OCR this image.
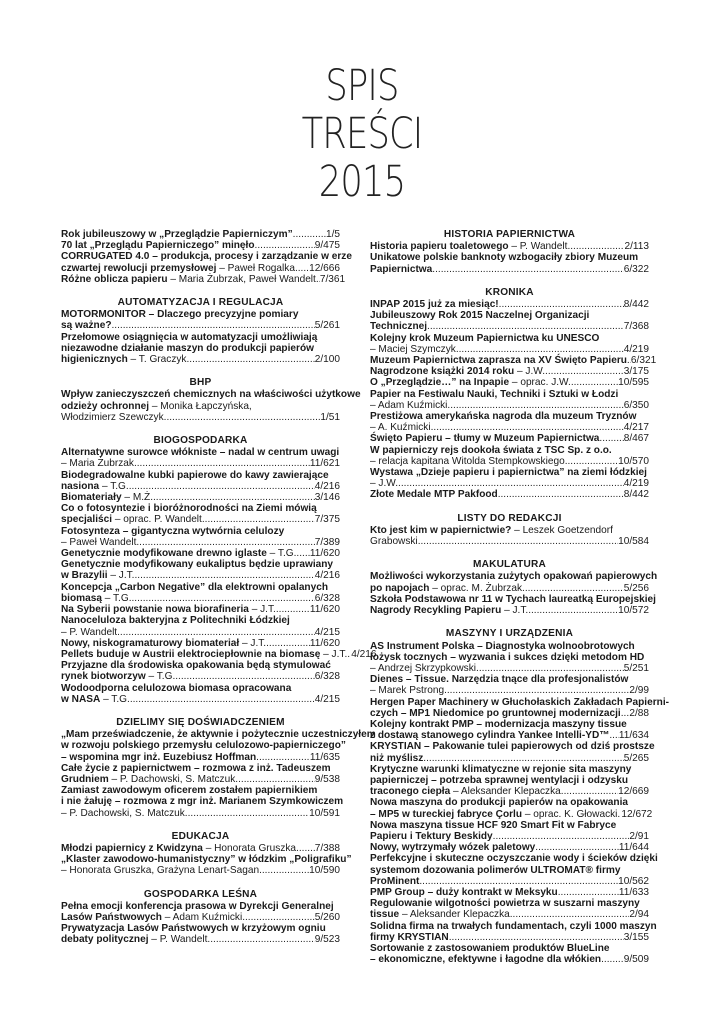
SPIS
TREŚCI
2015
Rok jubileuszowy w „Przeglądzie Papierniczym” .....	1/5
70 lat „Przeglądu Papierniczego” minęło .....	9/475
CORRUGATED 4.0 – produkcja, procesy i zarządzanie w erze
czwartej rewolucji przemysłowej – Paweł Rogalka ..... 12/666
Różne oblicza papieru – Maria Żubrzak, Paweł Wandelt ..... 7/361
AUTOMATYZACJA I REGULACJA
MOTORMONITOR – Dlaczego precyzyjne pomiary
są ważne? .....	5/261
Przełomowe osiągnięcia w automatyzacji umożliwiają
niezawodne działanie maszyn do produkcji papierów
higienicznych – T. Graczyk .....	2/100
BHP
Wpływ zanieczyszczeń chemicznych na właściwości użytkowe
odzieży ochronnej – Monika Łapczyńska,
Włodzimierz Szewczyk .....	1/51
BIOGOSPODARKA
Alternatywne surowce włókniste – nadal w centrum uwagi
– Maria Żubrzak .....	11/621
Biodegradowalne kubki papierowe do kawy zawierające
nasiona – T.G. .....	4/216
Biomateriały – M.Ż. .....	3/146
Co o fotosyntezie i bioróżnorodności na Ziemi mówią
specjaliści – oprac. P. Wandelt .....	7/375
Fotosynteza – gigantyczna wytwórnia celulozy
– Paweł Wandelt .....	7/389
Genetycznie modyfikowane drewno iglaste – T.G. ..... 11/620
Genetycznie modyfikowany eukaliptus będzie uprawiany
w Brazylii – J.T. .....	4/216
Koncepcja „Carbon Negative” dla elektrowni opalanych
biomasą – T.G. .....	6/328
Na Syberii powstanie nowa biorafineria – J.T. .....	11/620
Nanoceluloza bakteryjna z Politechniki Łódzkiej
– P. Wandelt .....	4/215
Nowy, niskogramaturowy biomateriał – J.T. .....	11/620
Pellets buduje w Austrii elektrociepłownie na biomasę – J.T. ..... 4/216
Przyjazne dla środowiska opakowania będą stymulować
rynek biotworzyw – T.G. .....	6/328
Wodoodporna celulozowa biomasa opracowana
w NASA – T.G. .....	4/215
DZIELIMY SIĘ DOŚWIADCZENIEM
„Mam przeświadczenie, że aktywnie i pożytecznie uczestniczyłem
w rozwoju polskiego przemysłu celulozowo-papierniczego”
– wspomina mgr inż. Euzebiusz Hoffman .....	11/635
Całe życie z papiernictwem – rozmowa z inż. Tadeuszem
Grudniem – P. Dachowski, S. Matczuk .....	9/538
Zamiast zawodowym oficerem zostałem papiernikiem
i nie żałuję – rozmowa z mgr inż. Marianem Szymkowiczem
– P. Dachowski, S. Matczuk .....	10/591
EDUKACJA
Młodzi papiernicy z Kwidzyna – Honorata Gruszka ..... 7/388
„Klaster zawodowo-humanistyczny” w łódzkim „Poligrafiku”
– Honorata Gruszka, Grażyna Lenart-Sagan .....	10/590
GOSPODARKA LEŚNA
Pełna emocji konferencja prasowa w Dyrekcji Generalnej
Lasów Państwowych – Adam Kuźmicki .....	5/260
Prywatyzacja Lasów Państwowych w krzyżowym ogniu
debaty politycznej – P. Wandelt .....	9/523
HISTORIA PAPIERNICTWA
Historia papieru toaletowego – P. Wandelt .....	2/113
Unikatowe polskie banknoty wzbogaciły zbiory Muzeum
Papiernictwa .....	6/322
KRONIKA
INPAP 2015 już za miesiąc! .....	8/442
Jubileuszowy Rok 2015 Naczelnej Organizacji
Technicznej .....	7/368
Kolejny krok Muzeum Papiernictwa ku UNESCO
– Maciej Szymczyk .....	4/219
Muzeum Papiernictwa zaprasza na XV Święto Papieru ..... 6/321
Nagrodzone książki 2014 roku – J.W. .....	3/175
O „Przeglądzie…” na Inpapie – oprac. J.W. .....	10/595
Papier na Festiwalu Nauki, Techniki i Sztuki w Łodzi
– Adam Kuźmicki .....	6/350
Prestiżowa amerykańska nagroda dla muzeum Tryznów
– A. Kuźmicki .....	4/217
Święto Papieru – tłumy w Muzeum Papiernictwa ..... 8/467
W papierniczy rejs dookoła świata z TSC Sp. z o.o.
– relacja kapitana Witolda Stempkowskiego .....	10/570
Wystawa „Dzieje papieru i papiernictwa” na ziemi łódzkiej
– J.W. .....	4/219
Złote Medale MTP Pakfood .....	8/442
LISTY DO REDAKCJI
Kto jest kim w papiernictwie? – Leszek Goetzendorf
Grabowski .....	10/584
MAKULATURA
Możliwości wykorzystania zużytych opakowań papierowych
po napojach – oprac. M. Żubrzak .....	5/256
Szkoła Podstawowa nr 11 w Tychach laureatką Europejskiej
Nagrody Recykling Papieru – J.T. .....	10/572
MASZYNY I URZĄDZENIA
AS Instrument Polska – Diagnostyka wolnoobrotowych
łożysk tocznych – wyzwania i sukces dzięki metodom HD
– Andrzej Skrzypkowski .....	5/251
Dienes – Tissue. Narzędzia tnące dla profesjonalistów
– Marek Pstrong .....	2/99
Hergen Paper Machinery w Głuchołaskich Zakładach Papierni-
czych – MP1 Niedomice po gruntownej modernizacji ..... 2/88
Kolejny kontrakt PMP – modernizacja maszyny tissue
z dostawą stanowego cylindra Yankee Intelli-YD™ ..... 11/634
KRYSTIAN – Pakowanie tulei papierowych od dziś prostsze
niż myślisz .....	5/265
Krytyczne warunki klimatyczne w rejonie sita maszyny
papierniczej – potrzeba sprawnej wentylacji i odzysku
traconego ciepła – Aleksander Klepaczka .....	12/669
Nowa maszyna do produkcji papierów na opakowania
– MP5 w tureckiej fabryce Çorlu – oprac. K. Głowacki ..... 12/672
Nowa maszyna tissue HCF 920 Smart Fit w Fabryce
Papieru i Tektury Beskidy .....	2/91
Nowy, wytrzymały wózek paletowy .....	11/644
Perfekcyjne i skuteczne oczyszczanie wody i ścieków dzięki
systemom dozowania polimerów ULTROMAT® firmy
ProMinent .....	10/562
PMP Group – duży kontrakt w Meksyku .....	11/633
Regulowanie wilgotności powietrza w suszarni maszyny
tissue – Aleksander Klepaczka .....	2/94
Solidna firma na trwałych fundamentach, czyli 1000 maszyn
firmy KRYSTIAN .....	3/155
Sortowanie z zastosowaniem produktów BlueLine
– ekonomiczne, efektywne i łagodne dla włókien ..... 9/509
